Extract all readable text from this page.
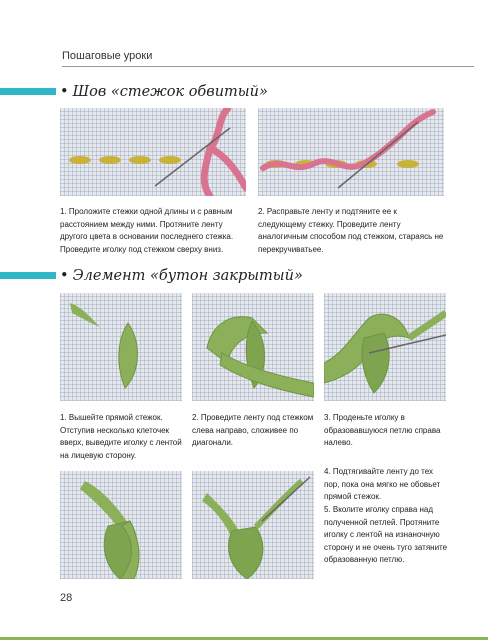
Пошаговые уроки
• Шов «стежок обвитый»
1. Проложите стежки одной длины и с равным расстоянием между ними. Протяните ленту другого цвета в основании последнего стежка. Проведите иголку под стежком сверху вниз.
2. Расправьте ленту и подтяните ее к следующему стежку. Проведите ленту аналогичным способом под стежком, стараясь не перекручиватьее.
• Элемент «бутон закрытый»
1. Вышейте прямой стежок. Отступив несколько клеточек вверх, выведите иголку с лентой на лицевую сторону.
2. Проведите ленту под стежком слева направо, сложивее по диагонали.
3. Проденьте иголку в образовавшуюся петлю справа налево.
4. Подтягивайте ленту до тех пор, пока она мягко не обовьет прямой стежок.
5. Вколите иголку справа над полученной петлей. Протяните иголку с лентой на изнаночную сторону и не очень туго затяните образованную петлю.
28
